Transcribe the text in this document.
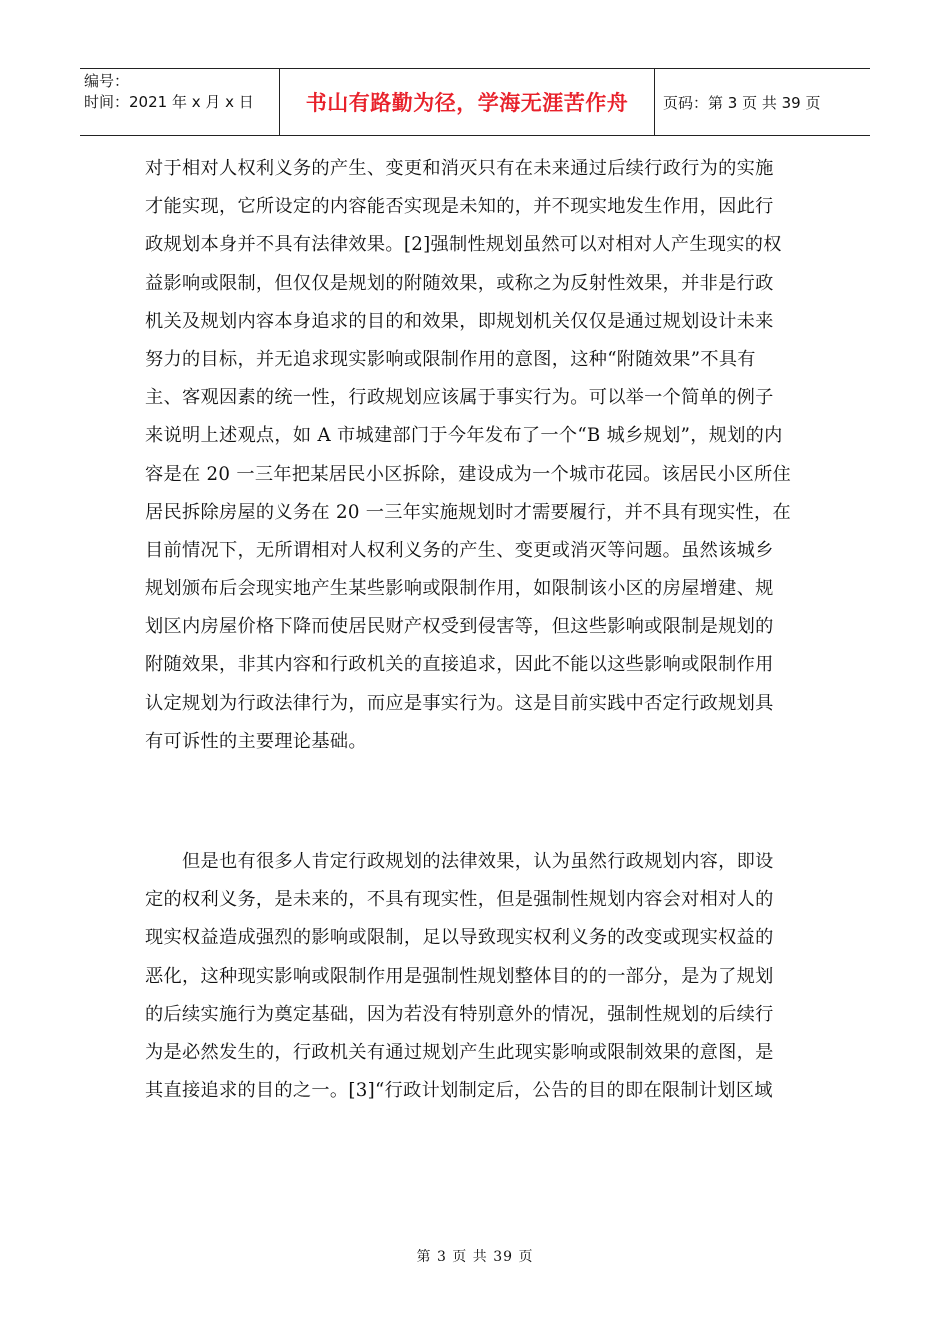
编号：
时间：2021 年 x 月 x 日	书山有路勤为径，学海无涯苦作舟	页码：第 3 页 共 39 页
对于相对人权利义务的产生、变更和消灭只有在未来通过后续行政行为的实施
才能实现，它所设定的内容能否实现是未知的，并不现实地发生作用，因此行
政规划本身并不具有法律效果。[2]强制性规划虽然可以对相对人产生现实的权
益影响或限制，但仅仅是规划的附随效果，或称之为反射性效果，并非是行政
机关及规划内容本身追求的目的和效果，即规划机关仅仅是通过规划设计未来
努力的目标，并无追求现实影响或限制作用的意图，这种“附随效果”不具有
主、客观因素的统一性，行政规划应该属于事实行为。可以举一个简单的例子
来说明上述观点，如 A 市城建部门于今年发布了一个“B 城乡规划”，规划的内
容是在 20 一三年把某居民小区拆除，建设成为一个城市花园。该居民小区所住
居民拆除房屋的义务在 20 一三年实施规划时才需要履行，并不具有现实性，在
目前情况下，无所谓相对人权利义务的产生、变更或消灭等问题。虽然该城乡
规划颁布后会现实地产生某些影响或限制作用，如限制该小区的房屋增建、规
划区内房屋价格下降而使居民财产权受到侵害等，但这些影响或限制是规划的
附随效果，非其内容和行政机关的直接追求，因此不能以这些影响或限制作用
认定规划为行政法律行为，而应是事实行为。这是目前实践中否定行政规划具
有可诉性的主要理论基础。
但是也有很多人肯定行政规划的法律效果，认为虽然行政规划内容，即设
定的权利义务，是未来的，不具有现实性，但是强制性规划内容会对相对人的
现实权益造成强烈的影响或限制，足以导致现实权利义务的改变或现实权益的
恶化，这种现实影响或限制作用是强制性规划整体目的的一部分，是为了规划
的后续实施行为奠定基础，因为若没有特别意外的情况，强制性规划的后续行
为是必然发生的，行政机关有通过规划产生此现实影响或限制效果的意图，是
其直接追求的目的之一。[3]“行政计划制定后，公告的目的即在限制计划区域
第 3 页 共 39 页
